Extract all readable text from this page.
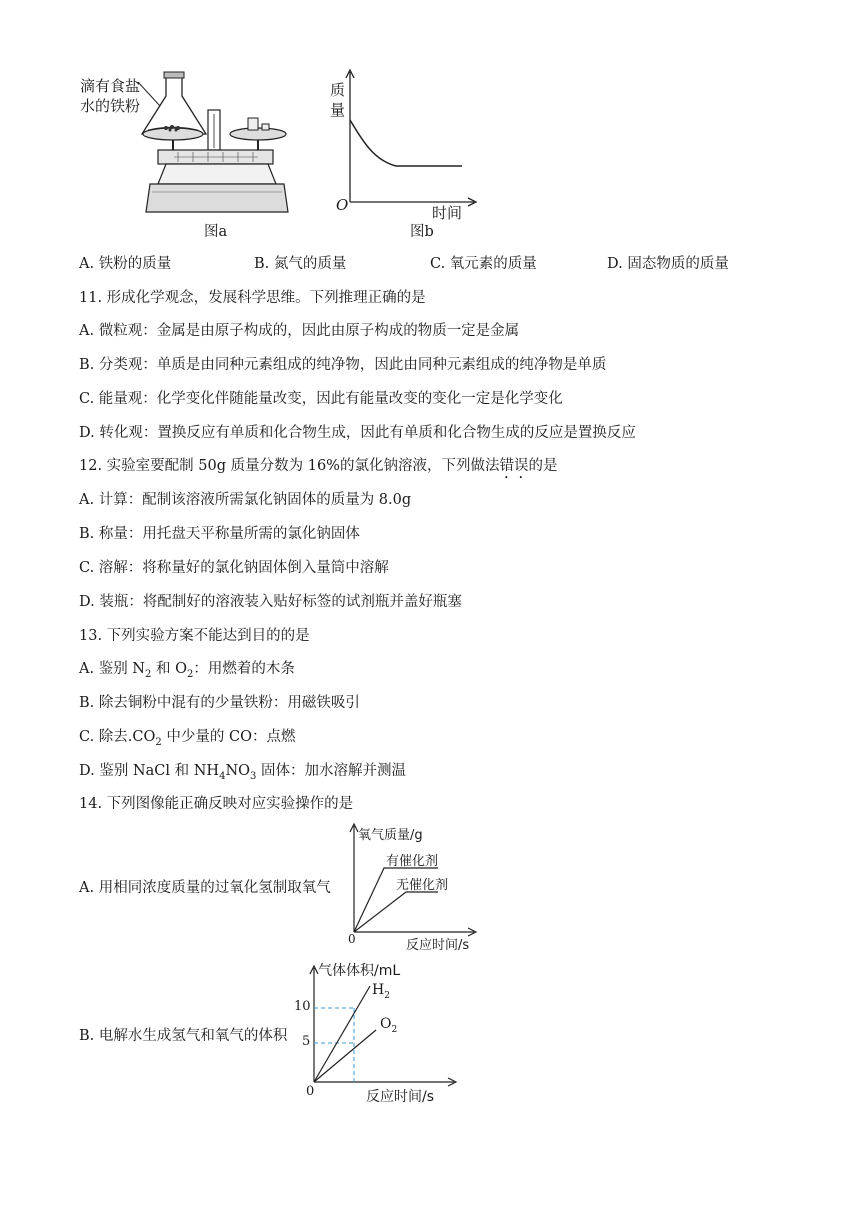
滴有食盐
水的铁粉
图a
质
量
O	时间
图b
A. 铁粉的质量	B. 氮气的质量	C. 氧元素的质量	D. 固态物质的质量
11. 形成化学观念，发展科学思维。下列推理正确的是
A. 微粒观：金属是由原子构成的，因此由原子构成的物质一定是金属
B. 分类观：单质是由同种元素组成的纯净物，因此由同种元素组成的纯净物是单质
C. 能量观：化学变化伴随能量改变，因此有能量改变的变化一定是化学变化
D. 转化观：置换反应有单质和化合物生成，因此有单质和化合物生成的反应是置换反应
12. 实验室要配制 50g 质量分数为 16%的氯化钠溶液，下列做法错误的是
A. 计算：配制该溶液所需氯化钠固体的质量为 8.0g
B. 称量：用托盘天平称量所需的氯化钠固体
C. 溶解：将称量好的氯化钠固体倒入量筒中溶解
D. 装瓶：将配制好的溶液装入贴好标签的试剂瓶并盖好瓶塞
13. 下列实验方案不能达到目的的是
A. 鉴别 $N_2$ 和 $O_2$：用燃着的木条
B. 除去铜粉中混有的少量铁粉：用磁铁吸引
C. 除去$.CO_2$ 中少量的 CO：点燃
D. 鉴别 NaCl 和 $NH_4NO_3$ 固体：加水溶解并测温
14. 下列图像能正确反映对应实验操作的是
A. 用相同浓度质量的过氧化氢制取氧气
氧气质量/g
有催化剂
无催化剂
0	反应时间/s
B. 电解水生成氢气和氧气的体积
气体体积/mL
10
5
$H_2$
$O_2$
0	反应时间/s
